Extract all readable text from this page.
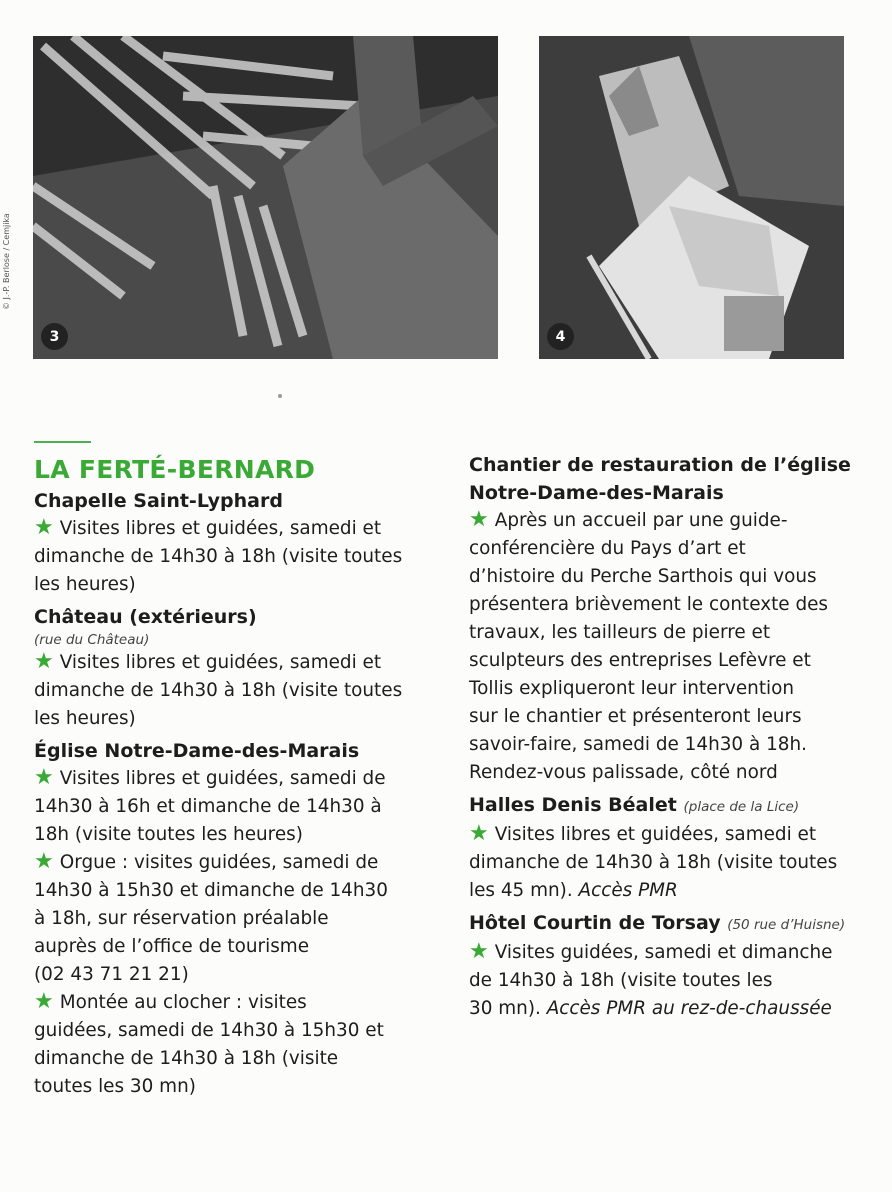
3	4
© J.-P. Berlose / Cemjika
LA FERTÉ-BERNARD
Chapelle Saint-Lyphard
★ Visites libres et guidées, samedi et
dimanche de 14h30 à 18h (visite toutes
les heures)
Château (extérieurs)
(rue du Château)
★ Visites libres et guidées, samedi et
dimanche de 14h30 à 18h (visite toutes
les heures)
Église Notre-Dame-des-Marais
★ Visites libres et guidées, samedi de
14h30 à 16h et dimanche de 14h30 à
18h (visite toutes les heures)
★ Orgue : visites guidées, samedi de
14h30 à 15h30 et dimanche de 14h30
à 18h, sur réservation préalable
auprès de l’office de tourisme
(02 43 71 21 21)
★ Montée au clocher : visites
guidées, samedi de 14h30 à 15h30 et
dimanche de 14h30 à 18h (visite
toutes les 30 mn)
Chantier de restauration de l’église
Notre-Dame-des-Marais
★ Après un accueil par une guide-
conférencière du Pays d’art et
d’histoire du Perche Sarthois qui vous
présentera brièvement le contexte des
travaux, les tailleurs de pierre et
sculpteurs des entreprises Lefèvre et
Tollis expliqueront leur intervention
sur le chantier et présenteront leurs
savoir-faire, samedi de 14h30 à 18h.
Rendez-vous palissade, côté nord
Halles Denis Béalet (place de la Lice)
★ Visites libres et guidées, samedi et
dimanche de 14h30 à 18h (visite toutes
les 45 mn). Accès PMR
Hôtel Courtin de Torsay (50 rue d’Huisne)
★ Visites guidées, samedi et dimanche
de 14h30 à 18h (visite toutes les
30 mn). Accès PMR au rez-de-chaussée
